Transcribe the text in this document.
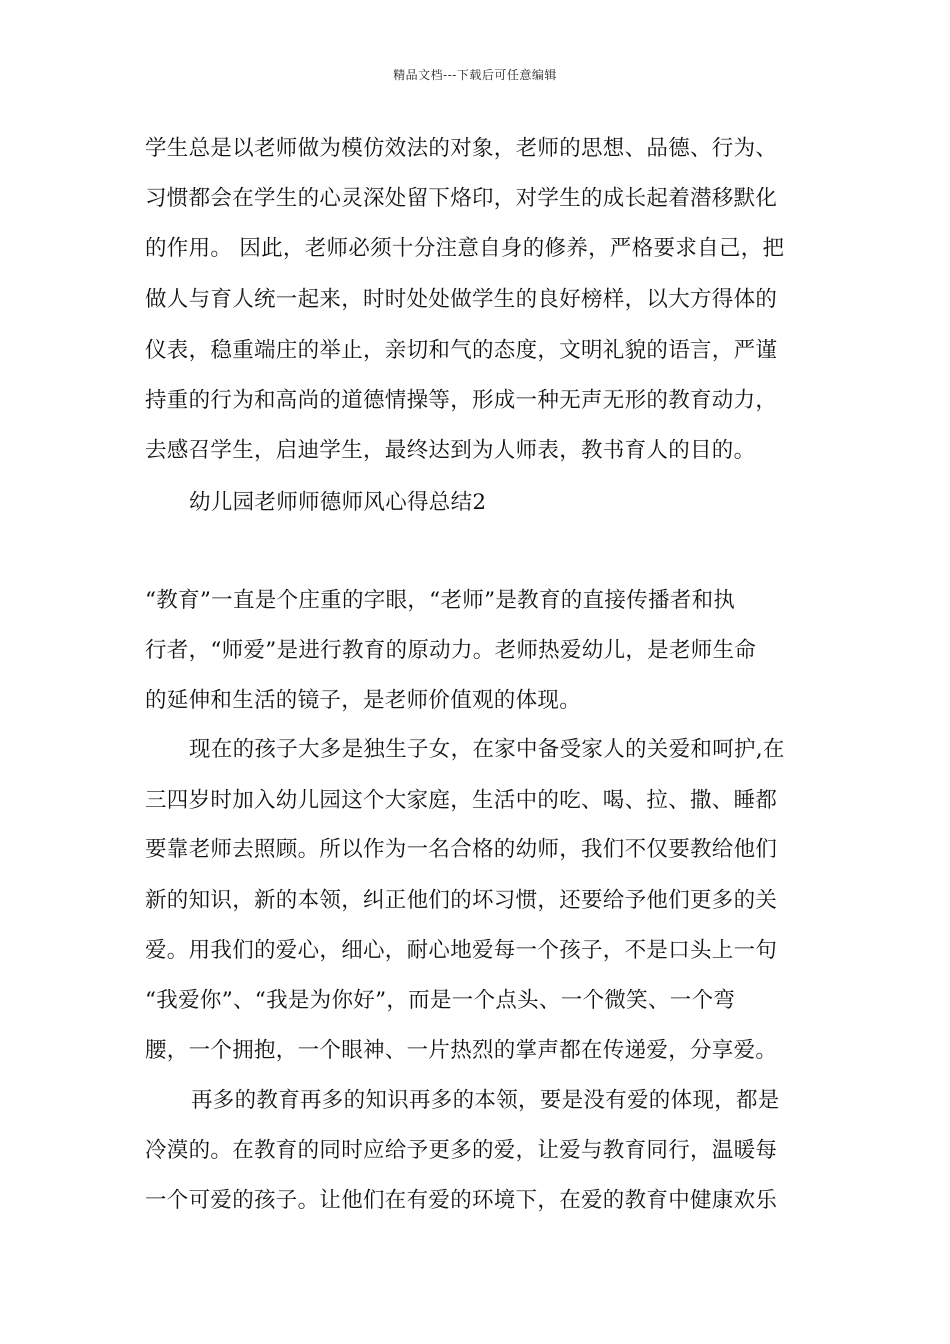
精品文档---下载后可任意编辑
学生总是以老师做为模仿效法的对象，老师的思想、品德、行为、
习惯都会在学生的心灵深处留下烙印，对学生的成长起着潜移默化
的作用。 因此，老师必须十分注意自身的修养，严格要求自己，把
做人与育人统一起来，时时处处做学生的良好榜样，以大方得体的
仪表，稳重端庄的举止，亲切和气的态度，文明礼貌的语言，严谨
持重的行为和高尚的道德情操等，形成一种无声无形的教育动力，
去感召学生，启迪学生，最终达到为人师表，教书育人的目的。
幼儿园老师师德师风心得总结2
“教育”一直是个庄重的字眼，“老师”是教育的直接传播者和执
行者，“师爱”是进行教育的原动力。老师热爱幼儿，是老师生命
的延伸和生活的镜子，是老师价值观的体现。
现在的孩子大多是独生子女，在家中备受家人的关爱和呵护,在
三四岁时加入幼儿园这个大家庭，生活中的吃、喝、拉、撒、睡都
要靠老师去照顾。所以作为一名合格的幼师，我们不仅要教给他们
新的知识，新的本领，纠正他们的坏习惯，还要给予他们更多的关
爱。用我们的爱心，细心，耐心地爱每一个孩子，不是口头上一句
“我爱你”、“我是为你好”，而是一个点头、一个微笑、一个弯
腰，一个拥抱，一个眼神、一片热烈的掌声都在传递爱，分享爱。
再多的教育再多的知识再多的本领，要是没有爱的体现，都是
冷漠的。在教育的同时应给予更多的爱，让爱与教育同行，温暖每
一个可爱的孩子。让他们在有爱的环境下，在爱的教育中健康欢乐
